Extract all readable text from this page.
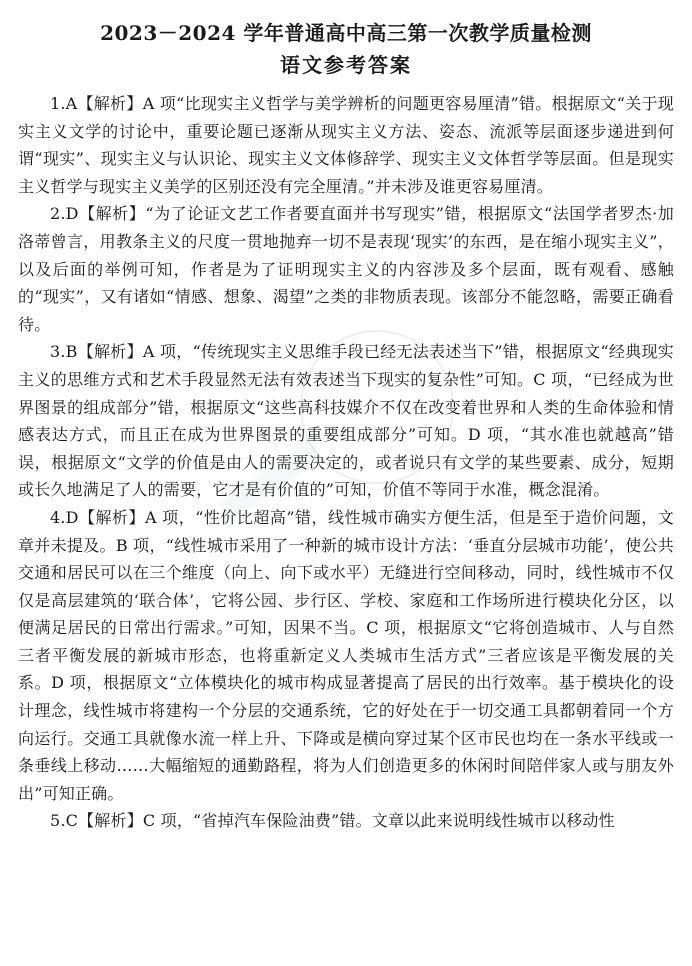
2023－2024 学年普通高中高三第一次教学质量检测
语文参考答案

1.A【解析】A 项“比现实主义哲学与美学辨析的问题更容易厘清”错。根据原文“关于现实主义文学的讨论中，重要论题已逐渐从现实主义方法、姿态、流派等层面逐步递进到何谓“现实”、现实主义与认识论、现实主义文体修辞学、现实主义文体哲学等层面。但是现实主义哲学与现实主义美学的区别还没有完全厘清。”并未涉及谁更容易厘清。

2.D【解析】“为了论证文艺工作者要直面并书写现实”错，根据原文“法国学者罗杰·加洛蒂曾言，用教条主义的尺度一贯地抛弃一切不是表现‘现实’的东西，是在缩小现实主义”，以及后面的举例可知，作者是为了证明现实主义的内容涉及多个层面，既有观看、感触的“现实”，又有诸如“情感、想象、渴望”之类的非物质表现。该部分不能忽略，需要正确看待。

3.B【解析】A 项，“传统现实主义思维手段已经无法表述当下”错，根据原文“经典现实主义的思维方式和艺术手段显然无法有效表述当下现实的复杂性”可知。C 项，“已经成为世界图景的组成部分”错，根据原文“这些高科技媒介不仅在改变着世界和人类的生命体验和情感表达方式，而且正在成为世界图景的重要组成部分”可知。D 项，“其水准也就越高”错误，根据原文“文学的价值是由人的需要决定的，或者说只有文学的某些要素、成分，短期或长久地满足了人的需要，它才是有价值的”可知，价值不等同于水准，概念混淆。

4.D【解析】A 项，“性价比超高”错，线性城市确实方便生活，但是至于造价问题，文章并未提及。B 项，“线性城市采用了一种新的城市设计方法：‘垂直分层城市功能’，使公共交通和居民可以在三个维度（向上、向下或水平）无缝进行空间移动，同时，线性城市不仅仅是高层建筑的‘联合体’，它将公园、步行区、学校、家庭和工作场所进行模块化分区，以便满足居民的日常出行需求。”可知，因果不当。C 项，根据原文“它将创造城市、人与自然三者平衡发展的新城市形态，也将重新定义人类城市生活方式”三者应该是平衡发展的关系。D 项，根据原文“立体模块化的城市构成显著提高了居民的出行效率。基于模块化的设计理念，线性城市将建构一个分层的交通系统，它的好处在于一切交通工具都朝着同一个方向运行。交通工具就像水流一样上升、下降或是横向穿过某个区市民也均在一条水平线或一条垂线上移动……大幅缩短的通勤路程，将为人们创造更多的休闲时间陪伴家人或与朋友外出”可知正确。

5.C【解析】C 项，“省掉汽车保险油费”错。文章以此来说明线性城市以移动性
